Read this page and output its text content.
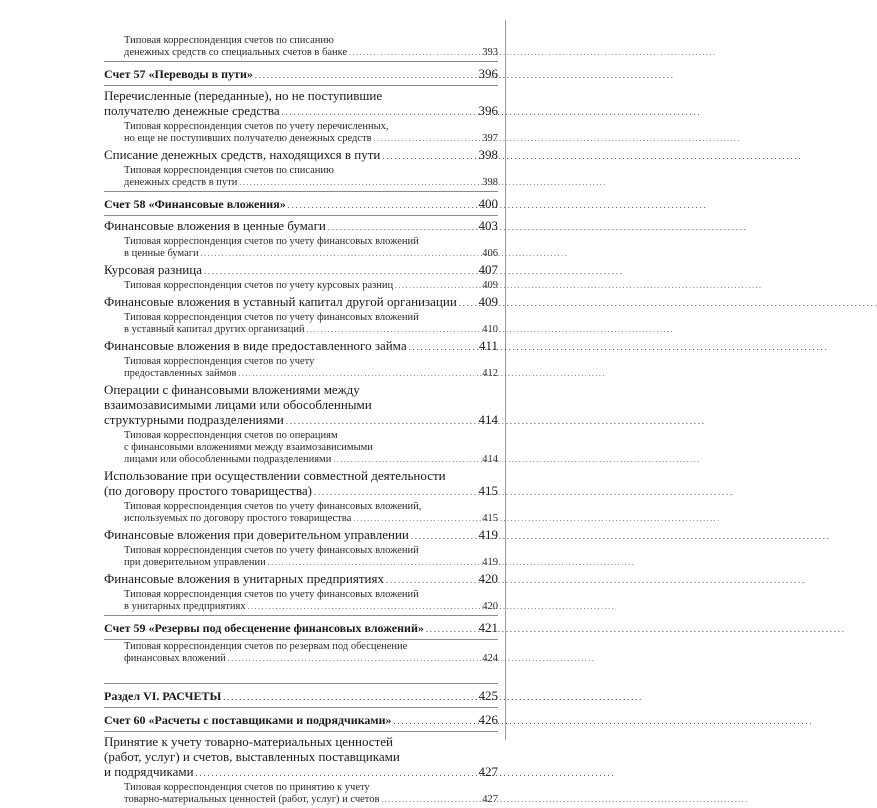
Типовая корреспонденция счетов по списанию
денежных средств со специальных счетов в банке . . .	393
Счет 57 «Переводы в пути» . . .	396
Перечисленные (переданные), но не поступившие
получателю денежные средства . . .	396
Типовая корреспонденция счетов по учету перечисленных,
но еще не поступивших получателю денежных средств . . .	397
Списание денежных средств, находящихся в пути . . .	398
Типовая корреспонденция счетов по списанию
денежных средств в пути . . .	398
Счет 58 «Финансовые вложения» . . .	400
Финансовые вложения в ценные бумаги . . .	403
Типовая корреспонденция счетов по учету финансовых вложений
в ценные бумаги . . .	406
Курсовая разница . . .	407
Типовая корреспонденция счетов по учету курсовых разниц . . .	409
Финансовые вложения в уставный капитал другой организации . . . 409
Типовая корреспонденция счетов по учету финансовых вложений
в уставный капитал других организаций . . .	410
Финансовые вложения в виде предоставленного займа . . .	411
Типовая корреспонденция счетов по учету
предоставленных займов . . .	412
Операции с финансовыми вложениями между
взаимозависимыми лицами или обособленными
структурными подразделениями . . .	414
Типовая корреспонденция счетов по операциям
с финансовыми вложениями между взаимозависимыми
лицами или обособленными подразделениями . . .	414
Использование при осуществлении совместной деятельности
(по договору простого товарищества) . . .	415
Типовая корреспонденция счетов по учету финансовых вложений,
используемых по договору простого товарищества . . .	415
Финансовые вложения при доверительном управлении . . .	419
Типовая корреспонденция счетов по учету финансовых вложений
при доверительном управлении . . .	419
Финансовые вложения в унитарных предприятиях . . .	420
Типовая корреспонденция счетов по учету финансовых вложений
в унитарных предприятиях . . .	420
Счет 59 «Резервы под обесценение финансовых вложений» . . .	421
Типовая корреспонденция счетов по резервам под обесценение
финансовых вложений . . .	424
Раздел VI. РАСЧЕТЫ . . .	425
Счет 60 «Расчеты с поставщиками и подрядчиками» . . .	426
Принятие к учету товарно-материальных ценностей
(работ, услуг) и счетов, выставленных поставщиками
и подрядчиками . . .	427
Типовая корреспонденция счетов по принятию к учету
товарно-материальных ценностей (работ, услуг) и счетов . . .	427
